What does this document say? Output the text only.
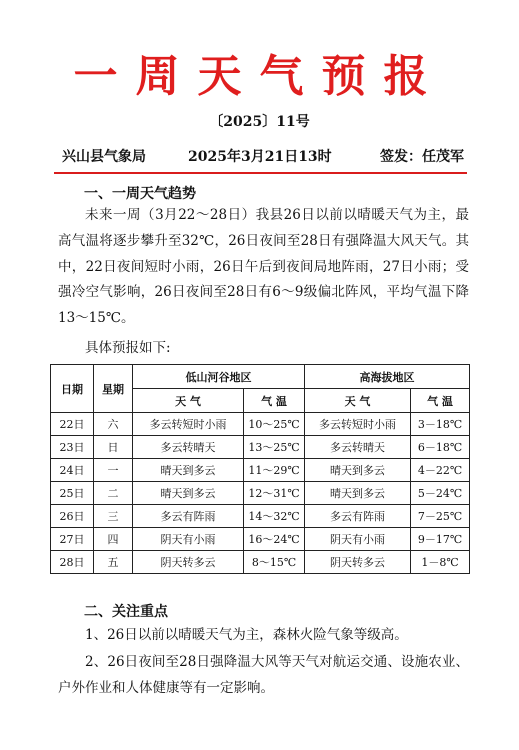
一周天气预报
〔2025〕11号
兴山县气象局	2025年3月21日13时	签发：任茂军
一、一周天气趋势
未来一周（3月22～28日）我县26日以前以晴暖天气为主，最高气温将逐步攀升至32℃，26日夜间至28日有强降温大风天气。其中，22日夜间短时小雨，26日午后到夜间局地阵雨，27日小雨；受强冷空气影响，26日夜间至28日有6～9级偏北阵风，平均气温下降13～15℃。
具体预报如下:
日期	星期	低山河谷地区		高海拔地区	
		天 气	气 温	天 气	气 温
22日	六	多云转短时小雨	10～25℃	多云转短时小雨	3－18℃
23日	日	多云转晴天	13～25℃	多云转晴天	6－18℃
24日	一	晴天到多云	11～29℃	晴天到多云	4－22℃
25日	二	晴天到多云	12～31℃	晴天到多云	5－24℃
26日	三	多云有阵雨	14～32℃	多云有阵雨	7－25℃
27日	四	阴天有小雨	16～24℃	阴天有小雨	9－17℃
28日	五	阴天转多云	8～15℃	阴天转多云	1－8℃
二、关注重点
1、26日以前以晴暖天气为主，森林火险气象等级高。
2、26日夜间至28日强降温大风等天气对航运交通、设施农业、户外作业和人体健康等有一定影响。
